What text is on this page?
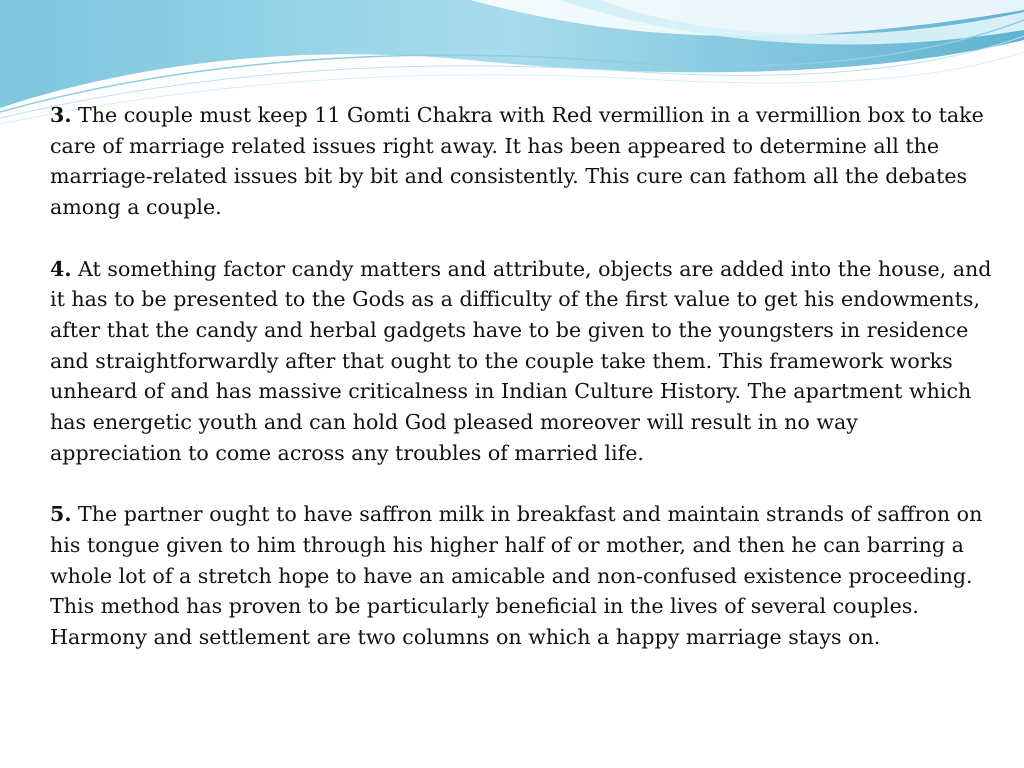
3. The couple must keep 11 Gomti Chakra with Red vermillion in a vermillion box to take care of marriage related issues right away. It has been appeared to determine all the marriage-related issues bit by bit and consistently. This cure can fathom all the debates among a couple.

4. At something factor candy matters and attribute, objects are added into the house, and it has to be presented to the Gods as a difficulty of the first value to get his endowments, after that the candy and herbal gadgets have to be given to the youngsters in residence and straightforwardly after that ought to the couple take them. This framework works unheard of and has massive criticalness in Indian Culture History. The apartment which has energetic youth and can hold God pleased moreover will result in no way appreciation to come across any troubles of married life.

5. The partner ought to have saffron milk in breakfast and maintain strands of saffron on his tongue given to him through his higher half of or mother, and then he can barring a whole lot of a stretch hope to have an amicable and non-confused existence proceeding. This method has proven to be particularly beneficial in the lives of several couples. Harmony and settlement are two columns on which a happy marriage stays on.
